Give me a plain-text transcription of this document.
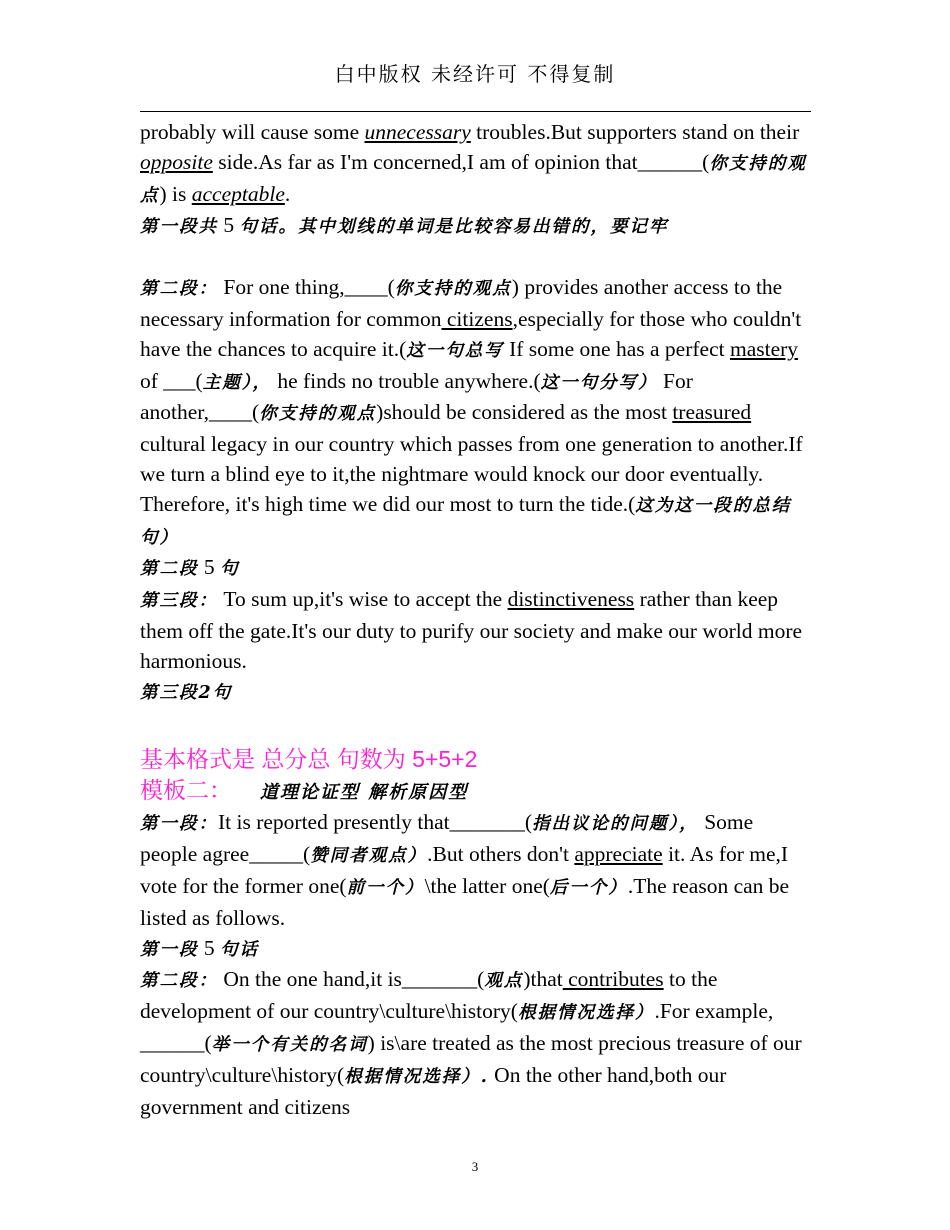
白中版权 未经许可 不得复制

probably will cause some unnecessary troubles.But supporters stand on their opposite side.As far as I'm concerned,I am of opinion that______(你支持的观点) is acceptable.

第一段共 5 句话。其中划线的单词是比较容易出错的，要记牢

第二段： For one thing,____(你支持的观点) provides another access to the necessary information for common citizens,especially for those who couldn't have the chances to acquire it.(这一句总写 If some one has a perfect mastery of ___(主题）， he finds no trouble anywhere.(这一句分写） For another,____(你支持的观点)should be considered as the most treasured cultural legacy in our country which passes from one generation to another.If we turn a blind eye to it,the nightmare would knock our door eventually. Therefore, it's high time we did our most to turn the tide.(这为这一段的总结句）

第二段 5 句

第三段： To sum up,it's wise to accept the distinctiveness rather than keep them off the gate.It's our duty to purify our society and make our world more harmonious.

第三段2句

基本格式是 总分总 句数为 5+5+2

模板二： 道理论证型 解析原因型

第一段：It is reported presently that_______(指出议论的问题）， Some people agree_____(赞同者观点）.But others don't appreciate it. As for me,I vote for the former one(前一个）\the latter one(后一个）.The reason can be listed as follows.

第一段 5 句话

第二段： On the one hand,it is_______(观点)that contributes to the development of our country\culture\history(根据情况选择）.For example, ______(举一个有关的名词) is\are treated as the most precious treasure of our country\culture\history(根据情况选择）. On the other hand,both our government and citizens

3
